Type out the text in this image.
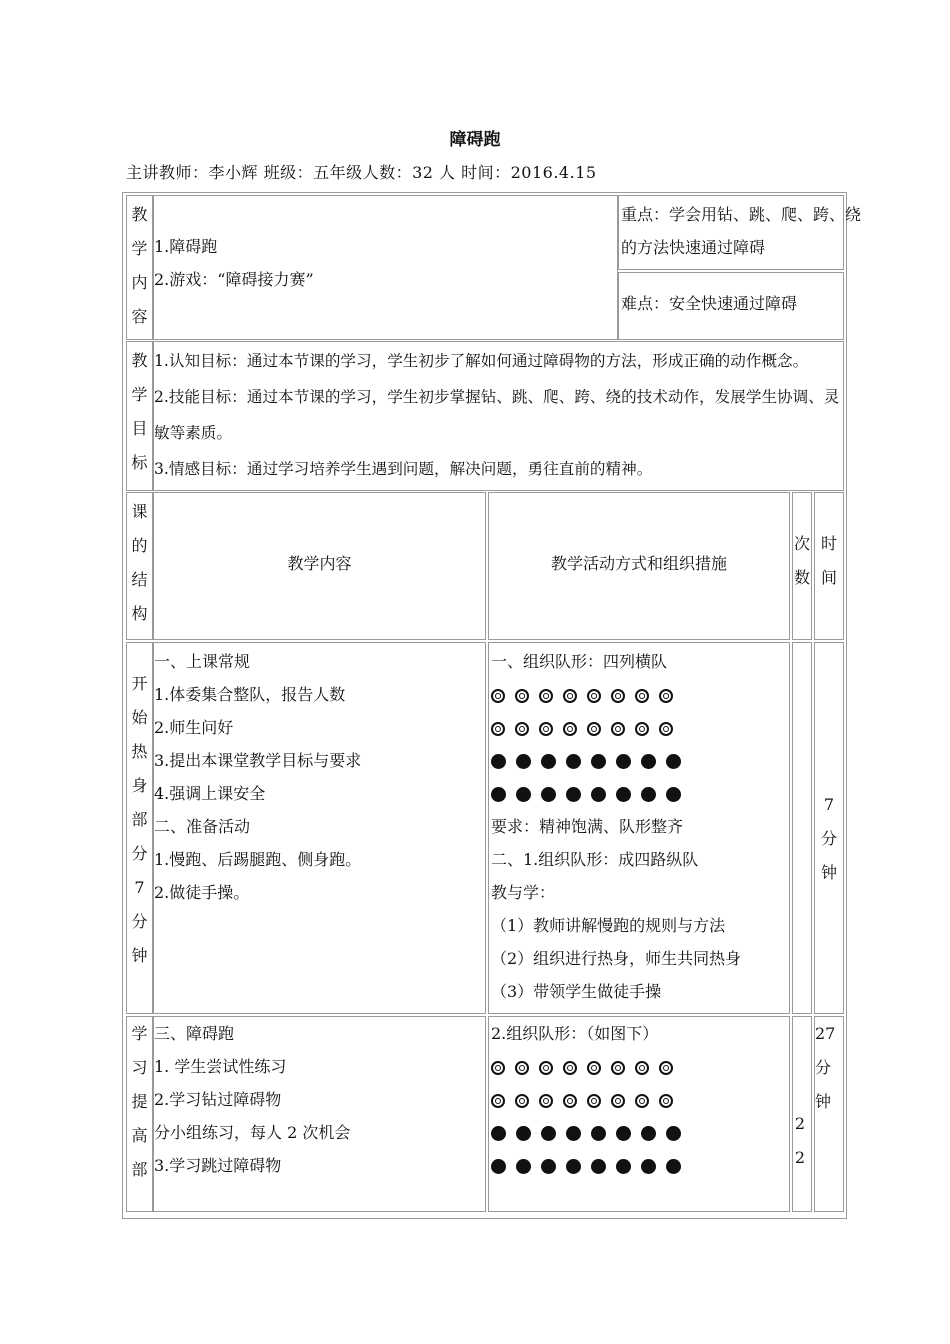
障碍跑
主讲教师：李小辉 班级：五年级人数：32 人 时间：2016.4.15
教
学
内
容
1.障碍跑
2.游戏：“障碍接力赛”
重点：学会用钻、跳、爬、跨、绕
的方法快速通过障碍
难点：安全快速通过障碍
教
学
目
标
1.认知目标：通过本节课的学习，学生初步了解如何通过障碍物的方法，形成正确的动作概念。
2.技能目标：通过本节课的学习，学生初步掌握钻、跳、爬、跨、绕的技术动作，发展学生协调、灵
敏等素质。
3.情感目标：通过学习培养学生遇到问题，解决问题，勇往直前的精神。
课
的
结
构
教学内容	教学活动方式和组织措施
次
数
时
间
开
始
热
身
部
分
7
分
钟
一、上课常规
1.体委集合整队，报告人数
2.师生问好
3.提出本课堂教学目标与要求
4.强调上课安全
二、准备活动
1.慢跑、后踢腿跑、侧身跑。
2.做徒手操。
一、组织队形：四列横队
要求：精神饱满、队形整齐
二、1.组织队形：成四路纵队
教与学：
（1）教师讲解慢跑的规则与方法
（2）组织进行热身，师生共同热身
（3）带领学生做徒手操
7
分
钟
学
习
提
高
部
三、障碍跑
1. 学生尝试性练习
2.学习钻过障碍物
分小组练习，每人 2 次机会
3.学习跳过障碍物
2.组织队形：（如图下）
2
2
27
分
钟
